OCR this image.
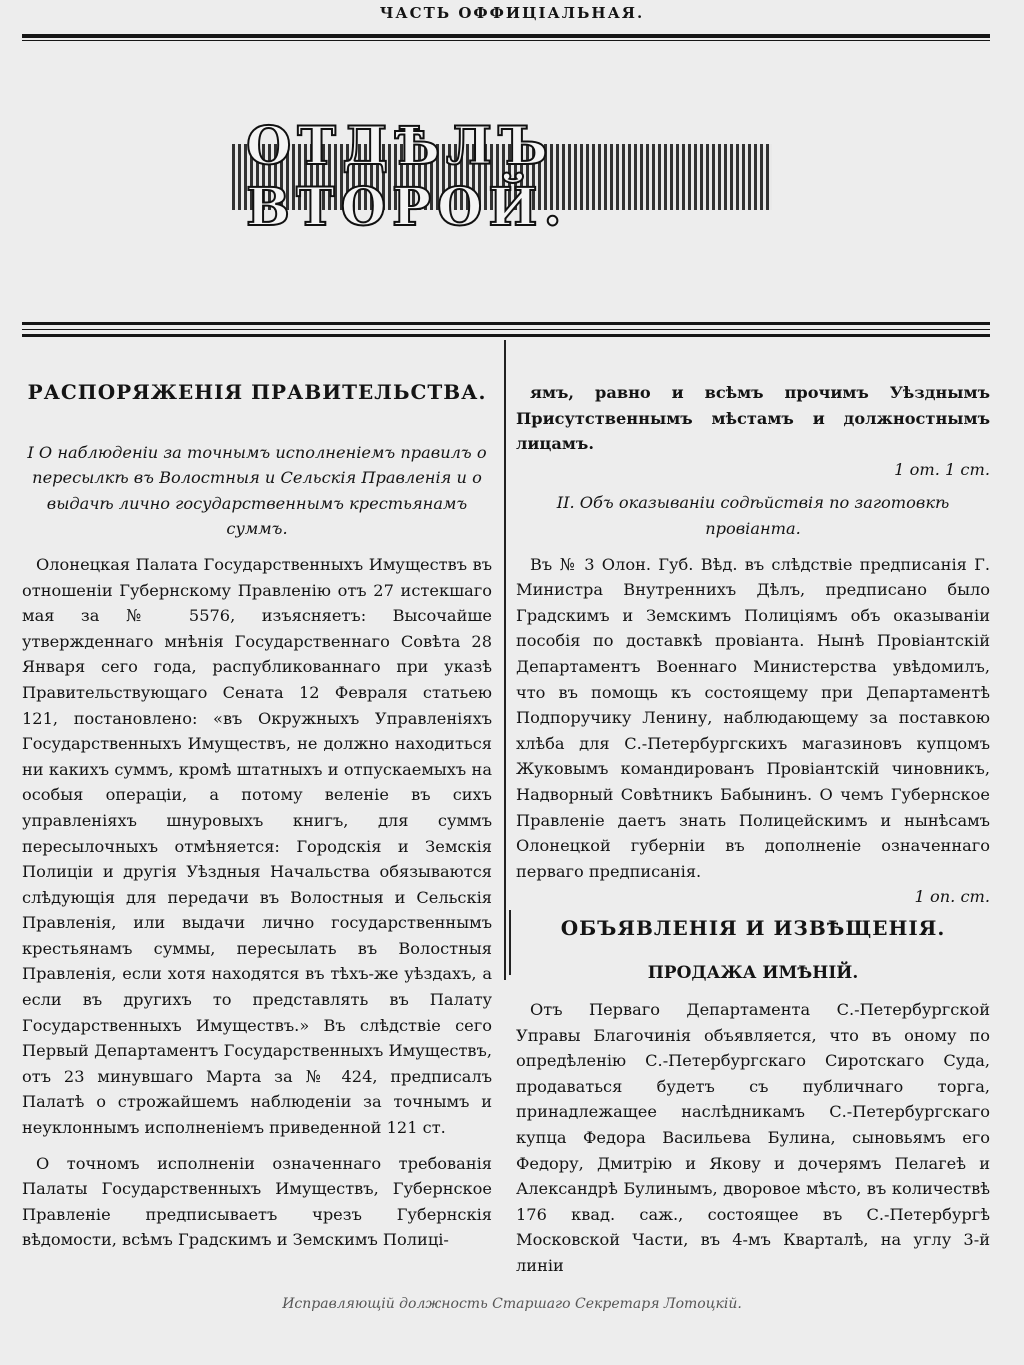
ЧАСТЬ ОФФИЦІАЛЬНАЯ.
ОТДѢЛЪ ВТОРОЙ.
РАСПОРЯЖЕНІЯ ПРАВИТЕЛЬСТВА.

I О наблюденіи за точнымъ исполненіемъ правилъ о пересылкѣ въ Волостныя и Сельскія Правленія и о выдачѣ лично государственнымъ крестьянамъ суммъ.

Олонецкая Палата Государственныхъ Имуществъ въ отношеніи Губернскому Правленію отъ 27 истекшаго мая за № 5576, изъясняетъ: Высочайше утвержденнаго мнѣнія Государственнаго Совѣта 28 Января сего года, распубликованнаго при указѣ Правительствующаго Сената 12 Февраля статьею 121, постановлено: «въ Окружныхъ Управленіяхъ Государственныхъ Имуществъ, не должно находиться ни какихъ суммъ, кромѣ штатныхъ и отпускаемыхъ на особыя операціи, а потому веленіе въ сихъ управленіяхъ шнуровыхъ книгъ, для суммъ пересылочныхъ отмѣняется: Городскія и Земскія Полиціи и другія Уѣздныя Начальства обязываются слѣдующія для передачи въ Волостныя и Сельскія Правленія, или выдачи лично государственнымъ крестьянамъ суммы, пересылать въ Волостныя Правленія, если хотя находятся въ тѣхъ-же уѣздахъ, а если въ другихъ то представлять въ Палату Государственныхъ Имуществъ.» Въ слѣдствіе сего Первый Департаментъ Государственныхъ Имуществъ, отъ 23 минувшаго Марта за № 424, предписалъ Палатѣ о строжайшемъ наблюденіи за точнымъ и неуклоннымъ исполненіемъ приведенной 121 ст.

О точномъ исполненіи означеннаго требованія Палаты Государственныхъ Имуществъ, Губернское Правленіе предписываетъ чрезъ Губернскія вѣдомости, всѣмъ Градскимъ и Земскимъ Полиці-

ямъ, равно и всѣмъ прочимъ Уѣзднымъ Присутственнымъ мѣстамъ и должностнымъ лицамъ.

1 от. 1 ст.

II. Объ оказываніи содѣйствія по заготовкѣ провіанта.

Въ № 3 Олон. Губ. Вѣд. въ слѣдствіе предписанія Г. Министра Внутреннихъ Дѣлъ, предписано было Градскимъ и Земскимъ Полиціямъ объ оказываніи пособія по доставкѣ провіанта. Нынѣ Провіантскій Департаментъ Военнаго Министерства увѣдомилъ, что въ помощь къ состоящему при Департаментѣ Подпоручику Ленину, наблюдающему за поставкою хлѣба для С.-Петербургскихъ магазиновъ купцомъ Жуковымъ командированъ Провіантскій чиновникъ, Надворный Совѣтникъ Бабынинъ. О чемъ Губернское Правленіе даетъ знать Полицейскимъ и нынѣсамъ Олонецкой губерніи въ дополненіе означеннаго перваго предписанія.

1 оп. ст.

ОБЪЯВЛЕНІЯ И ИЗВѢЩЕНІЯ.
ПРОДАЖА ИМѢНІЙ.

Отъ Перваго Департамента С.-Петербургской Управы Благочинія объявляется, что въ оному по опредѣленію С.-Петербургскаго Сиротскаго Суда, продаваться будетъ съ публичнаго торга, принадлежащее наслѣдникамъ С.-Петербургскаго купца Федора Васильева Булина, сыновьямъ его Федору, Дмитрію и Якову и дочерямъ Пелагеѣ и Александрѣ Булинымъ, дворовое мѣсто, въ количествѣ 176 квад. саж., состоящее въ С.-Петербургѣ Московской Части, въ 4-мъ Кварталѣ, на углу 3-й линіи

Исправляющій должность Старшаго Секретаря Лотоцкій.
